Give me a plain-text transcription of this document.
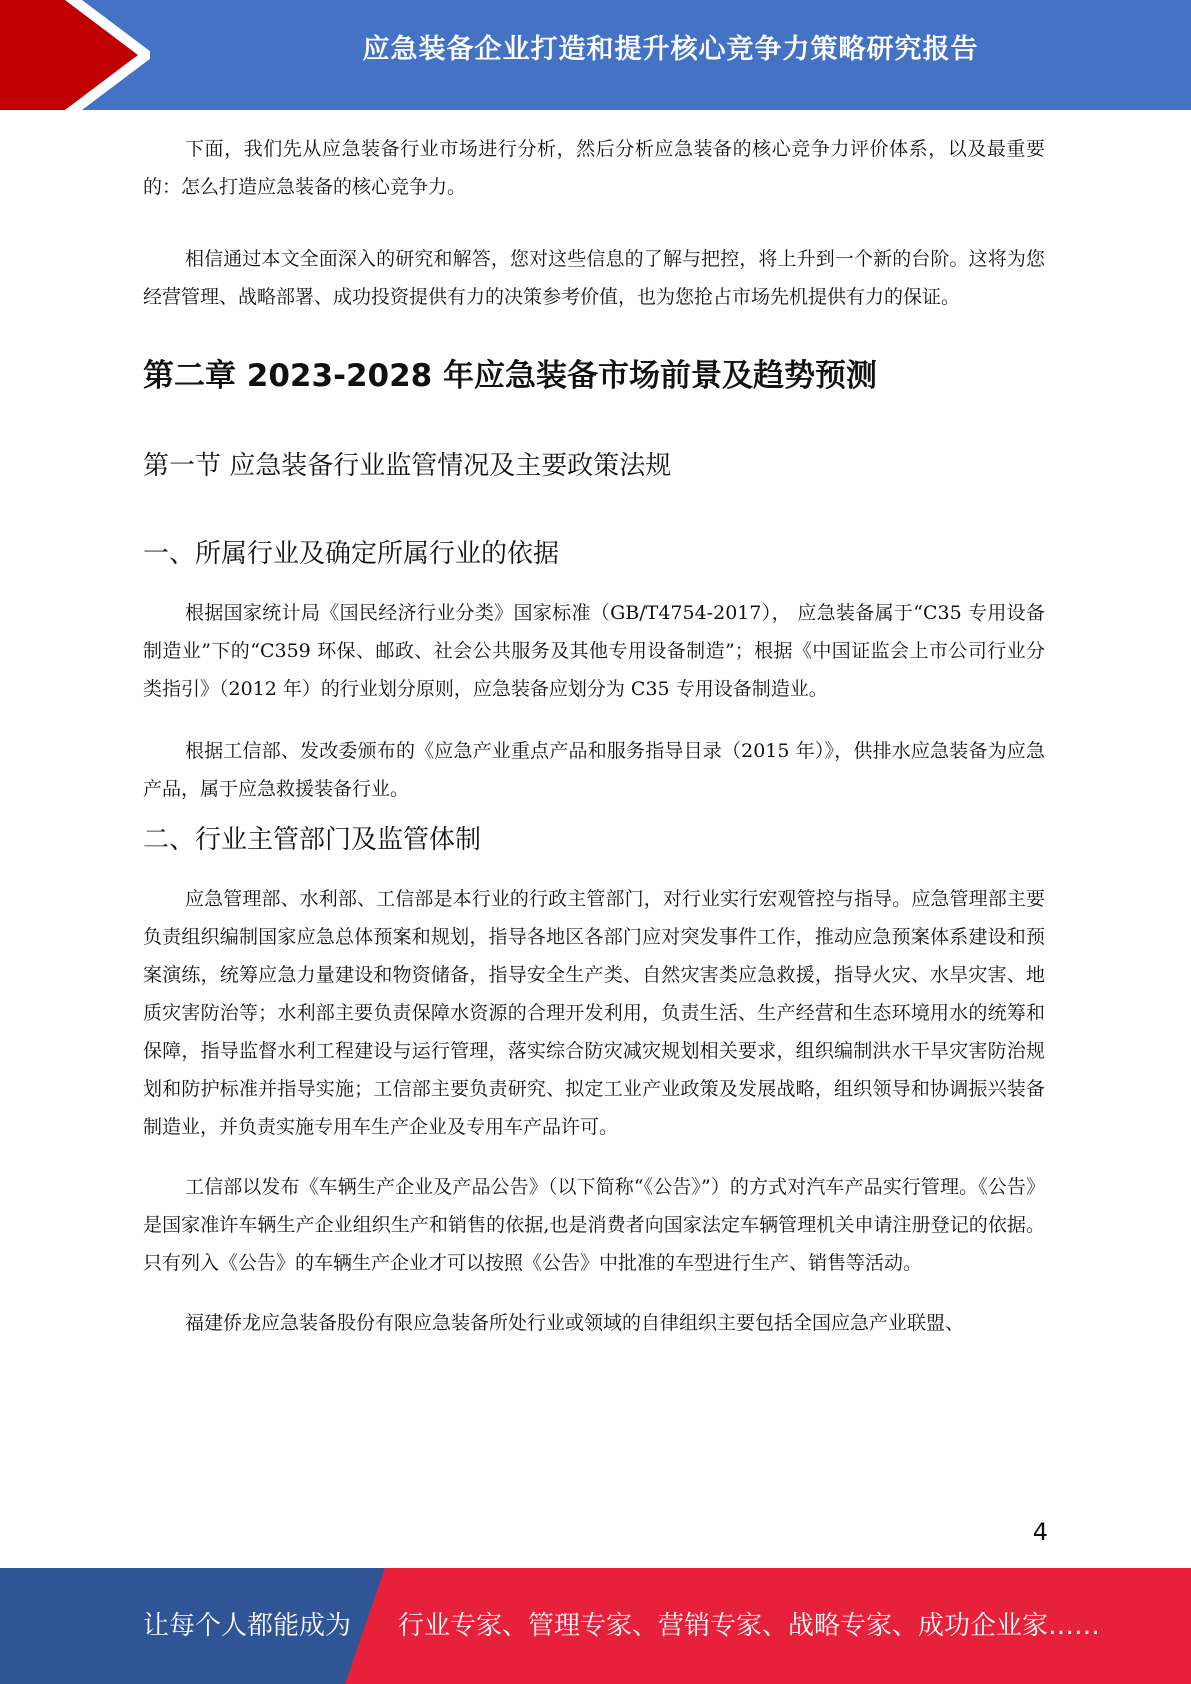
应急装备企业打造和提升核心竞争力策略研究报告

下面，我们先从应急装备行业市场进行分析，然后分析应急装备的核心竞争力评价体系，以及最重要的：怎么打造应急装备的核心竞争力。

相信通过本文全面深入的研究和解答，您对这些信息的了解与把控，将上升到一个新的台阶。这将为您经营管理、战略部署、成功投资提供有力的决策参考价值，也为您抢占市场先机提供有力的保证。

第二章 2023-2028 年应急装备市场前景及趋势预测
第一节 应急装备行业监管情况及主要政策法规
一、所属行业及确定所属行业的依据

根据国家统计局《国民经济行业分类》国家标准（GB/T4754-2017）， 应急装备属于“C35 专用设备制造业”下的“C359 环保、邮政、社会公共服务及其他专用设备制造”；根据《中国证监会上市公司行业分类指引》（2012 年）的行业划分原则，应急装备应划分为 C35 专用设备制造业。

根据工信部、发改委颁布的《应急产业重点产品和服务指导目录（2015 年）》，供排水应急装备为应急产品，属于应急救援装备行业。

二、行业主管部门及监管体制

应急管理部、水利部、工信部是本行业的行政主管部门，对行业实行宏观管控与指导。应急管理部主要负责组织编制国家应急总体预案和规划，指导各地区各部门应对突发事件工作，推动应急预案体系建设和预案演练，统筹应急力量建设和物资储备，指导安全生产类、自然灾害类应急救援，指导火灾、水旱灾害、地质灾害防治等；水利部主要负责保障水资源的合理开发利用，负责生活、生产经营和生态环境用水的统筹和保障，指导监督水利工程建设与运行管理，落实综合防灾减灾规划相关要求，组织编制洪水干旱灾害防治规划和防护标准并指导实施；工信部主要负责研究、拟定工业产业政策及发展战略，组织领导和协调振兴装备制造业，并负责实施专用车生产企业及专用车产品许可。

工信部以发布《车辆生产企业及产品公告》（以下简称“《公告》”）的方式对汽车产品实行管理。《公告》是国家准许车辆生产企业组织生产和销售的依据,也是消费者向国家法定车辆管理机关申请注册登记的依据。只有列入《公告》的车辆生产企业才可以按照《公告》中批准的车型进行生产、销售等活动。

福建侨龙应急装备股份有限应急装备所处行业或领域的自律组织主要包括全国应急产业联盟、

4
让每个人都能成为 行业专家、管理专家、营销专家、战略专家、成功企业家……
